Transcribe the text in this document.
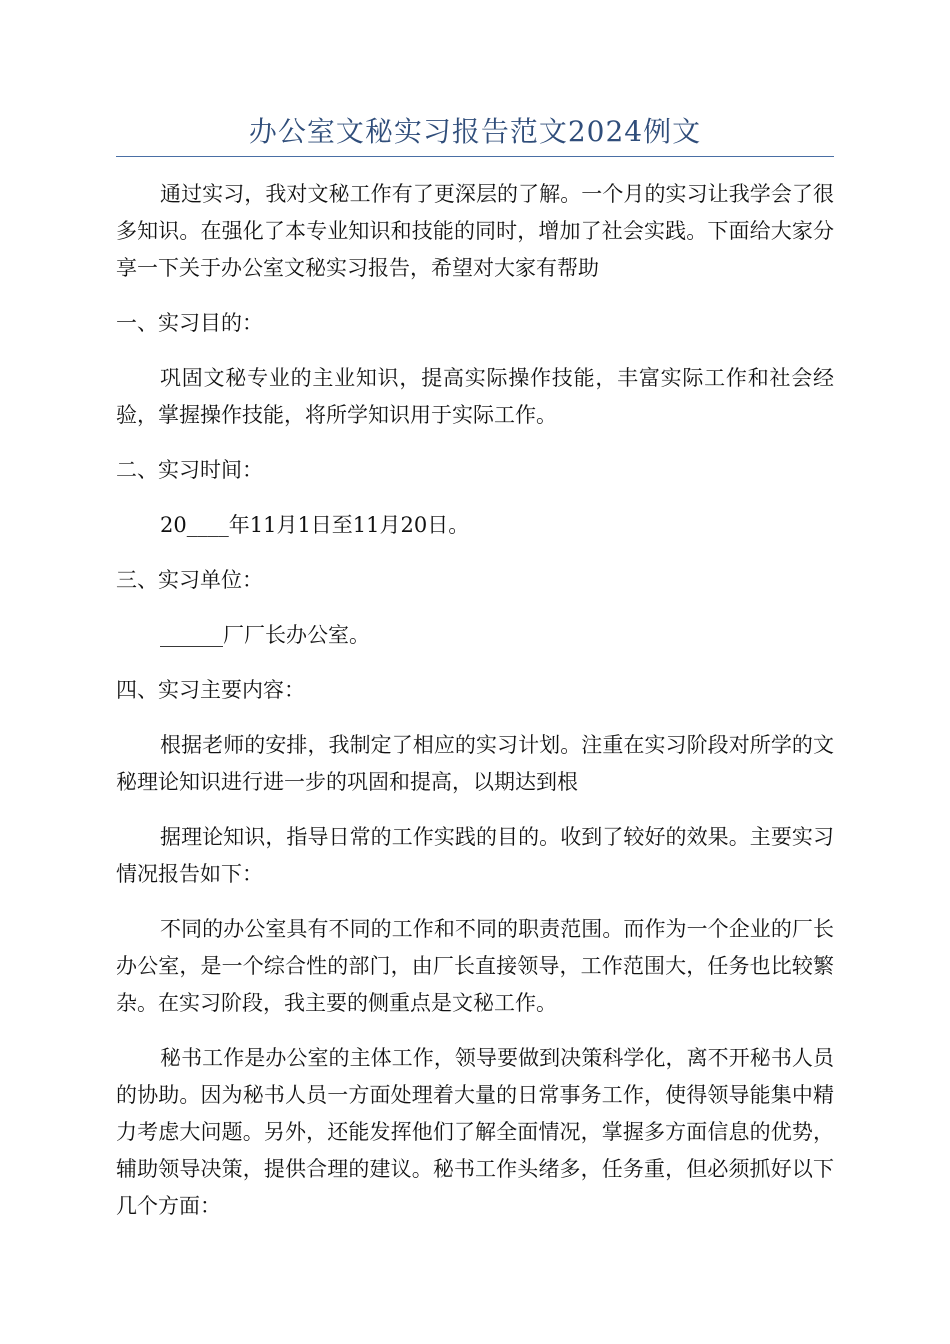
办公室文秘实习报告范文2024例文

通过实习，我对文秘工作有了更深层的了解。一个月的实习让我学会了很多知识。在强化了本专业知识和技能的同时，增加了社会实践。下面给大家分享一下关于办公室文秘实习报告，希望对大家有帮助

一、实习目的：

巩固文秘专业的主业知识，提高实际操作技能，丰富实际工作和社会经验，掌握操作技能，将所学知识用于实际工作。

二、实习时间：

20____年11月1日至11月20日。

三、实习单位：

______厂厂长办公室。

四、实习主要内容：

根据老师的安排，我制定了相应的实习计划。注重在实习阶段对所学的文秘理论知识进行进一步的巩固和提高，以期达到根

据理论知识，指导日常的工作实践的目的。收到了较好的效果。主要实习情况报告如下：

不同的办公室具有不同的工作和不同的职责范围。而作为一个企业的厂长办公室，是一个综合性的部门，由厂长直接领导，工作范围大，任务也比较繁杂。在实习阶段，我主要的侧重点是文秘工作。

秘书工作是办公室的主体工作，领导要做到决策科学化，离不开秘书人员的协助。因为秘书人员一方面处理着大量的日常事务工作，使得领导能集中精力考虑大问题。另外，还能发挥他们了解全面情况，掌握多方面信息的优势，辅助领导决策，提供合理的建议。秘书工作头绪多，任务重，但必须抓好以下几个方面：
